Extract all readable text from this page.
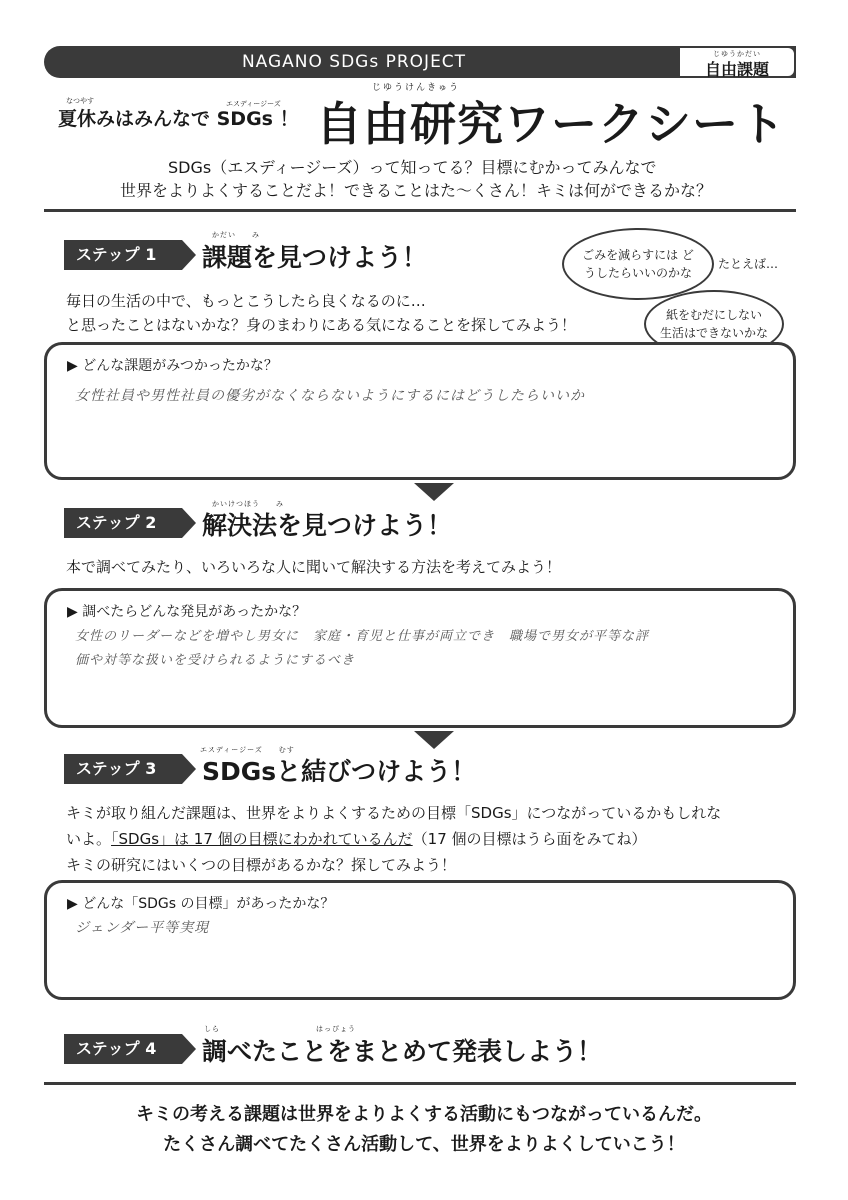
NAGANO SDGs PROJECT	じゆうかだい
自由課題
なつやす	エスディージーズ
夏休みはみんなで SDGs ！
じゆうけんきゅう
自由研究ワークシート
SDGs（エスディージーズ）って知ってる？目標にむかってみんなで
世界をよりよくすることだよ！できることはた～くさん！キミは何ができるかな？
ごみを減らすには どうしたらいいのかな
たとえば…
紙をむだにしない 生活はできないかな
ステップ 1
かだい　　み
課題を見つけよう！
毎日の生活の中で、もっとこうしたら良くなるのに…
と思ったことはないかな？身のまわりにある気になることを探してみよう！
▶ どんな課題がみつかったかな？
女性社員や男性社員の優劣がなくならないようにするにはどうしたらいいか
ステップ 2
かいけつほう　　み
解決法を見つけよう！
本で調べてみたり、いろいろな人に聞いて解決する方法を考えてみよう！
▶ 調べたらどんな発見があったかな？
女性のリーダーなどを増やし男女に　家庭・育児と仕事が両立でき　職場で男女が平等な評
価や対等な扱いを受けられるようにするべき
ステップ 3
エスディージーズ　　むす
SDGsと結びつけよう！
キミが取り組んだ課題は、世界をよりよくするための目標「SDGs」につながっているかもしれな
いよ。「SDGs」は 17 個の目標にわかれているんだ（17 個の目標はうら面をみてね）
キミの研究にはいくつの目標があるかな？探してみよう！
▶ どんな「SDGs の目標」があったかな？
ジェンダー平等実現
ステップ 4
しら　　　　　　　　　　　　はっぴょう
調べたことをまとめて発表しよう！
キミの考える課題は世界をよりよくする活動にもつながっているんだ。
たくさん調べてたくさん活動して、世界をよりよくしていこう！
